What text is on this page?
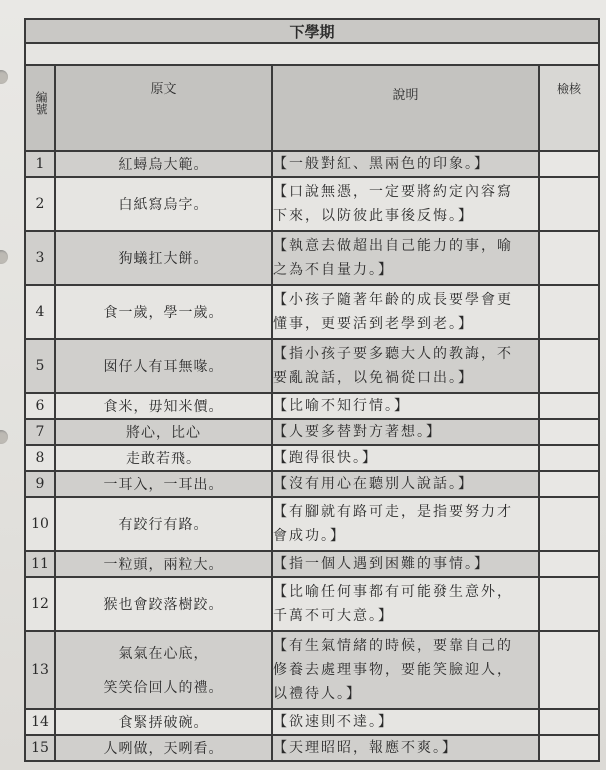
下學期			

編號	原文	說明	檢核
1	紅蟳烏大範。	【一般對紅、黑兩色的印象。】	

2	白紙寫烏字。	【口說無憑，一定要將約定內容寫
下來，以防彼此事後反悔。】	

3	狗蟻扛大餅。	【執意去做超出自己能力的事，喻
之為不自量力。】	

4	食一歲，學一歲。	【小孩子隨著年齡的成長要學會更
懂事，更要活到老學到老。】	

5	囡仔人有耳無喙。	【指小孩子要多聽大人的教誨，不
要亂說話，以免禍從口出。】	

6	食米，毋知米價。	【比喻不知行情。】	

7	將心，比心	【人要多替對方著想。】	

8	走敢若飛。	【跑得很快。】	

9	一耳入，一耳出。	【沒有用心在聽別人說話。】	

10	有跤行有路。	【有腳就有路可走，是指要努力才
會成功。】	

11	一粒頭，兩粒大。	【指一個人遇到困難的事情。】	

12	猴也會跤落樹跤。	【比喻任何事都有可能發生意外，
千萬不可大意。】	

13	氣氣在心底，
笑笑佮回人的禮。	【有生氣情緒的時候，要靠自己的
修養去處理事物，要能笑臉迎人，
以禮待人。】	

14	食緊挵破碗。	【欲速則不達。】	

15	人咧做，天咧看。	【天理昭昭，報應不爽。】	
